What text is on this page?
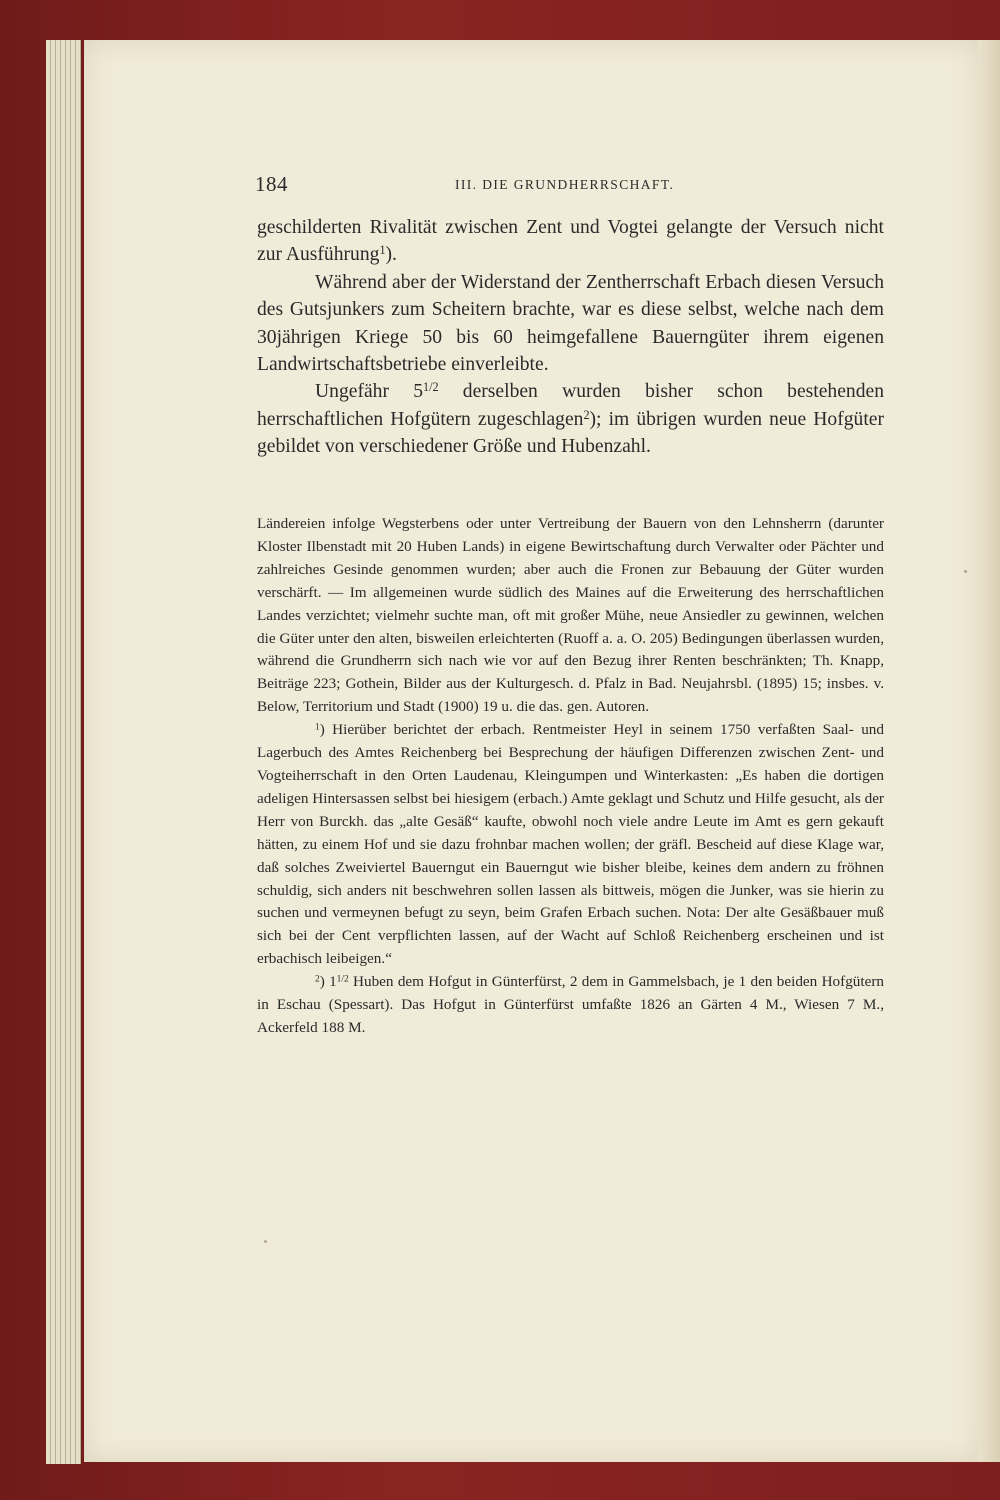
184	III. DIE GRUNDHERRSCHAFT.

geschilderten Rivalität zwischen Zent und Vogtei gelangte der Versuch nicht zur Ausführung$^1$).

Während aber der Widerstand der Zentherrschaft Erbach diesen Versuch des Gutsjunkers zum Scheitern brachte, war es diese selbst, welche nach dem 30jährigen Kriege 50 bis 60 heimgefallene Bauerngüter ihrem eigenen Landwirtschaftsbetriebe einverleibte.

Ungefähr $5^{1/2}$ derselben wurden bisher schon bestehenden herrschaftlichen Hofgütern zugeschlagen$^2$); im übrigen wurden neue Hofgüter gebildet von verschiedener Größe und Hubenzahl.

Ländereien infolge Wegsterbens oder unter Vertreibung der Bauern von den Lehnsherrn (darunter Kloster Ilbenstadt mit 20 Huben Lands) in eigene Bewirtschaftung durch Verwalter oder Pächter und zahlreiches Gesinde genommen wurden; aber auch die Fronen zur Bebauung der Güter wurden verschärft. — Im allgemeinen wurde südlich des Maines auf die Erweiterung des herrschaftlichen Landes verzichtet; vielmehr suchte man, oft mit großer Mühe, neue Ansiedler zu gewinnen, welchen die Güter unter den alten, bisweilen erleichterten (Ruoff a. a. O. 205) Bedingungen überlassen wurden, während die Grundherrn sich nach wie vor auf den Bezug ihrer Renten beschränkten; Th. Knapp, Beiträge 223; Gothein, Bilder aus der Kulturgesch. d. Pfalz in Bad. Neujahrsbl. (1895) 15; insbes. v. Below, Territorium und Stadt (1900) 19 u. die das. gen. Autoren.

$^1$) Hierüber berichtet der erbach. Rentmeister Heyl in seinem 1750 verfaßten Saal- und Lagerbuch des Amtes Reichenberg bei Besprechung der häufigen Differenzen zwischen Zent- und Vogteiherrschaft in den Orten Laudenau, Kleingumpen und Winterkasten: „Es haben die dortigen adeligen Hintersassen selbst bei hiesigem (erbach.) Amte geklagt und Schutz und Hilfe gesucht, als der Herr von Burckh. das „alte Gesäß“ kaufte, obwohl noch viele andre Leute im Amt es gern gekauft hätten, zu einem Hof und sie dazu frohnbar machen wollen; der gräfl. Bescheid auf diese Klage war, daß solches Zweiviertel Bauerngut ein Bauerngut wie bisher bleibe, keines dem andern zu fröhnen schuldig, sich anders nit beschwehren sollen lassen als bittweis, mögen die Junker, was sie hierin zu suchen und vermeynen befugt zu seyn, beim Grafen Erbach suchen. Nota: Der alte Gesäßbauer muß sich bei der Cent verpflichten lassen, auf der Wacht auf Schloß Reichenberg erscheinen und ist erbachisch leibeigen.“

$^2$) $1^{1/2}$ Huben dem Hofgut in Günterfürst, 2 dem in Gammelsbach, je 1 den beiden Hofgütern in Eschau (Spessart). Das Hofgut in Günterfürst umfaßte 1826 an Gärten 4 M., Wiesen 7 M., Ackerfeld 188 M.
